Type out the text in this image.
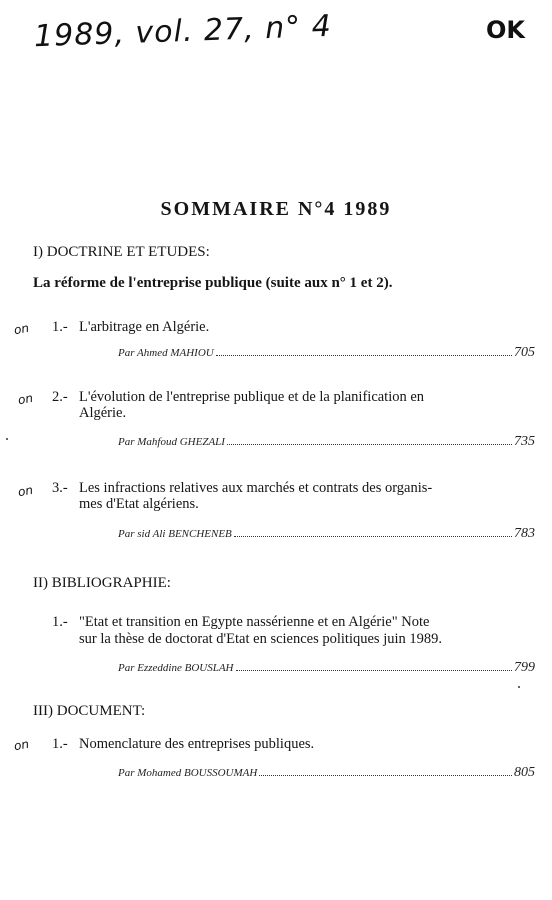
1989, vol. 27, n° 4	OK
on
on
on
on
SOMMAIRE N°4 1989
I) DOCTRINE ET ETUDES:
La réforme de l'entreprise publique (suite aux n° 1 et 2).
1.- L'arbitrage en Algérie.
Par Ahmed MAHIOU	705
2.- L'évolution de l'entreprise publique et de la planification en
Algérie.
Par Mahfoud GHEZALI	735
3.- Les infractions relatives aux marchés et contrats des organis-
mes d'Etat algériens.
Par sid Ali BENCHENEB	783
II) BIBLIOGRAPHIE:
1.- "Etat et transition en Egypte nassérienne et en Algérie" Note
sur la thèse de doctorat d'Etat en sciences politiques juin 1989.
Par Ezzeddine BOUSLAH	799
III) DOCUMENT:
1.- Nomenclature des entreprises publiques.
Par Mohamed BOUSSOUMAH	805
